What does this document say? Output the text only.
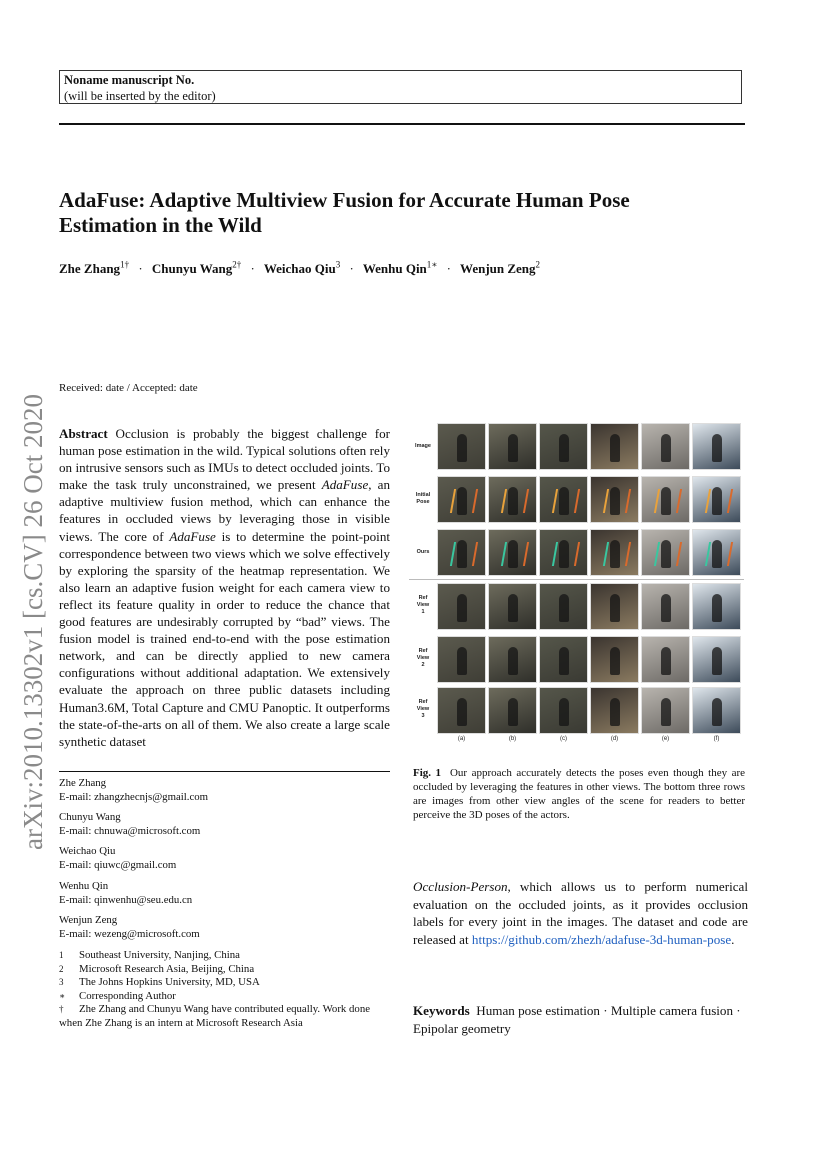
Noname manuscript No.
(will be inserted by the editor)
AdaFuse: Adaptive Multiview Fusion for Accurate Human Pose Estimation in the Wild
Zhe Zhang$^{1\dagger}$ · Chunyu Wang$^{2\dagger}$ · Weichao Qiu$^3$ · Wenhu Qin$^{1∗}$ · Wenjun Zeng$^2$
arXiv:2010.13302v1 [cs.CV] 26 Oct 2020
Received: date / Accepted: date
Abstract Occlusion is probably the biggest challenge for human pose estimation in the wild. Typical solutions often rely on intrusive sensors such as IMUs to detect occluded joints. To make the task truly unconstrained, we present AdaFuse, an adaptive multiview fusion method, which can enhance the features in occluded views by leveraging those in visible views. The core of AdaFuse is to determine the point-point correspondence between two views which we solve effectively by exploring the sparsity of the heatmap representation. We also learn an adaptive fusion weight for each camera view to reflect its feature quality in order to reduce the chance that good features are undesirably corrupted by “bad” views. The fusion model is trained end-to-end with the pose estimation network, and can be directly applied to new camera configurations without additional adaptation. We extensively evaluate the approach on three public datasets including Human3.6M, Total Capture and CMU Panoptic. It outperforms the state-of-the-arts on all of them. We also create a large scale synthetic dataset
Zhe Zhang
E-mail: zhangzhecnjs@gmail.com
Chunyu Wang
E-mail: chnuwa@microsoft.com
Weichao Qiu
E-mail: qiuwc@gmail.com
Wenhu Qin
E-mail: qinwenhu@seu.edu.cn
Wenjun Zeng
E-mail: wezeng@microsoft.com
1 Southeast University, Nanjing, China
2 Microsoft Research Asia, Beijing, China
3 The Johns Hopkins University, MD, USA
∗ Corresponding Author
† Zhe Zhang and Chunyu Wang have contributed equally. Work done when Zhe Zhang is an intern at Microsoft Research Asia
Image
Initial
Pose
Ours
Ref
View
1
Ref
View
2
Ref
View
3
(a)	(b)	(c)	(d)	(e)	(f)
Fig. 1 Our approach accurately detects the poses even though they are occluded by leveraging the features in other views. The bottom three rows are images from other view angles of the scene for readers to better perceive the 3D poses of the actors.
Occlusion-Person, which allows us to perform numerical evaluation on the occluded joints, as it provides occlusion labels for every joint in the images. The dataset and code are released at https://github.com/zhezh/adafuse-3d-human-pose.
Keywords Human pose estimation · Multiple camera fusion · Epipolar geometry
